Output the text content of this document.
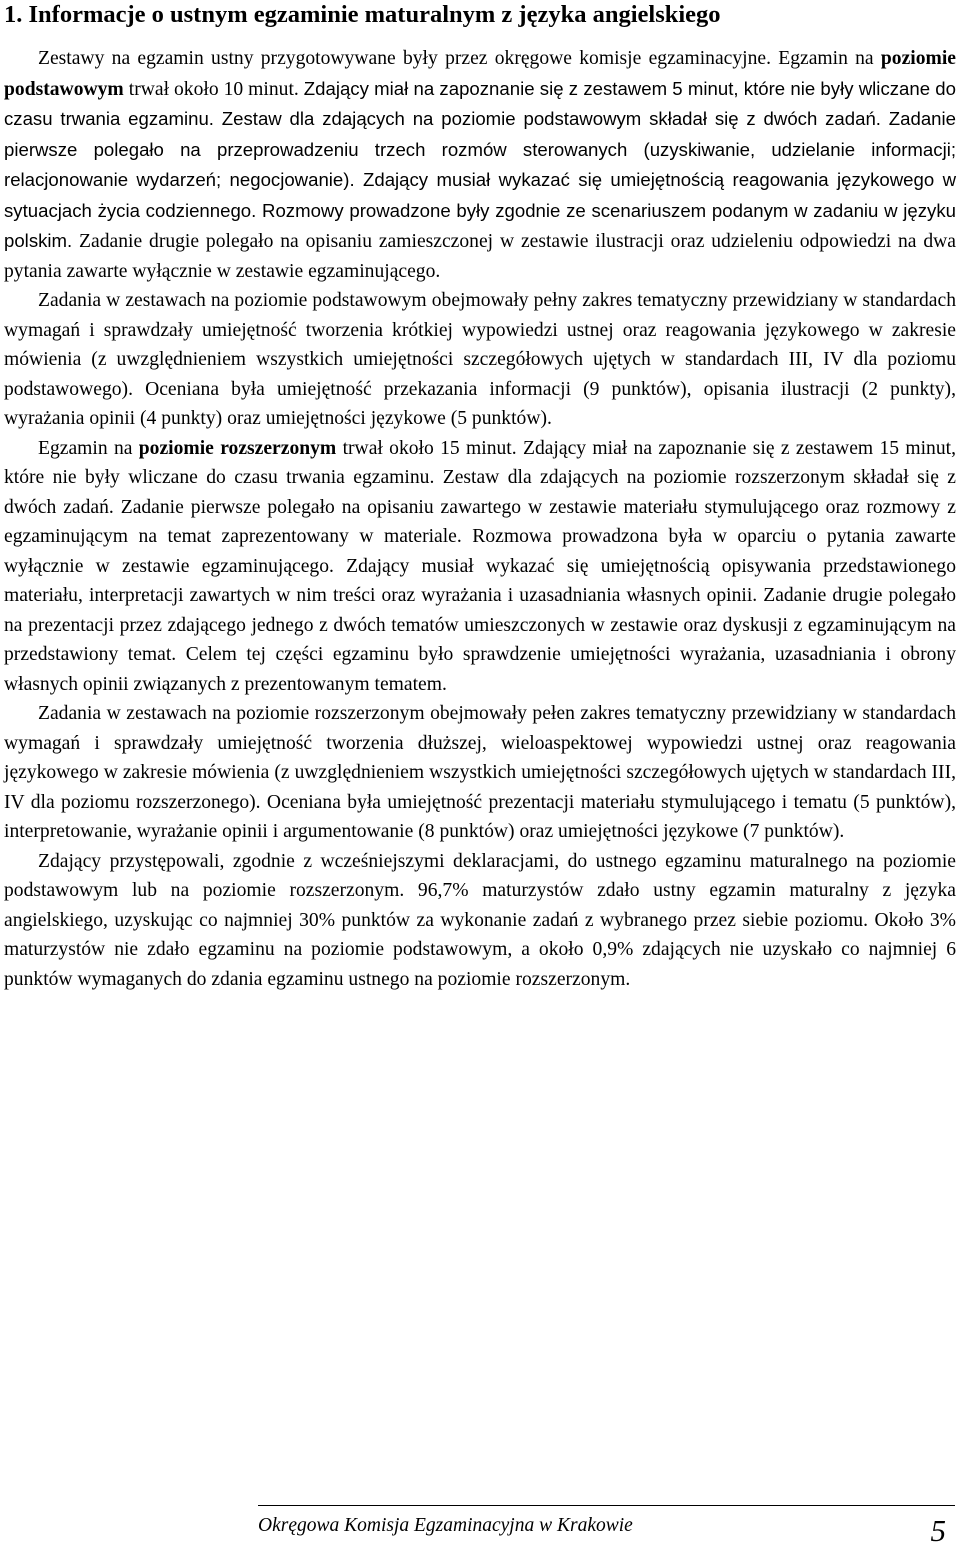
1. Informacje o ustnym egzaminie maturalnym z języka angielskiego

Zestawy na egzamin ustny przygotowywane były przez okręgowe komisje egzaminacyjne. Egzamin na poziomie podstawowym trwał około 10 minut. Zdający miał na zapoznanie się z zestawem 5 minut, które nie były wliczane do czasu trwania egzaminu. Zestaw dla zdających na poziomie podstawowym składał się z dwóch zadań. Zadanie pierwsze polegało na przeprowadzeniu trzech rozmów sterowanych (uzyskiwanie, udzielanie informacji; relacjonowanie wydarzeń; negocjowanie). Zdający musiał wykazać się umiejętnością reagowania językowego w sytuacjach życia codziennego. Rozmowy prowadzone były zgodnie ze scenariuszem podanym w zadaniu w języku polskim. Zadanie drugie polegało na opisaniu zamieszczonej w zestawie ilustracji oraz udzieleniu odpowiedzi na dwa pytania zawarte wyłącznie w zestawie egzaminującego.

Zadania w zestawach na poziomie podstawowym obejmowały pełny zakres tematyczny przewidziany w standardach wymagań i sprawdzały umiejętność tworzenia krótkiej wypowiedzi ustnej oraz reagowania językowego w zakresie mówienia (z uwzględnieniem wszystkich umiejętności szczegółowych ujętych w standardach III, IV dla poziomu podstawowego). Oceniana była umiejętność przekazania informacji (9 punktów), opisania ilustracji (2 punkty), wyrażania opinii (4 punkty) oraz umiejętności językowe (5 punktów).

Egzamin na poziomie rozszerzonym trwał około 15 minut. Zdający miał na zapoznanie się z zestawem 15 minut, które nie były wliczane do czasu trwania egzaminu. Zestaw dla zdających na poziomie rozszerzonym składał się z dwóch zadań. Zadanie pierwsze polegało na opisaniu zawartego w zestawie materiału stymulującego oraz rozmowy z egzaminującym na temat zaprezentowany w materiale. Rozmowa prowadzona była w oparciu o pytania zawarte wyłącznie w zestawie egzaminującego. Zdający musiał wykazać się umiejętnością opisywania przedstawionego materiału, interpretacji zawartych w nim treści oraz wyrażania i uzasadniania własnych opinii. Zadanie drugie polegało na prezentacji przez zdającego jednego z dwóch tematów umieszczonych w zestawie oraz dyskusji z egzaminującym na przedstawiony temat. Celem tej części egzaminu było sprawdzenie umiejętności wyrażania, uzasadniania i obrony własnych opinii związanych z prezentowanym tematem.

Zadania w zestawach na poziomie rozszerzonym obejmowały pełen zakres tematyczny przewidziany w standardach wymagań i sprawdzały umiejętność tworzenia dłuższej, wieloaspektowej wypowiedzi ustnej oraz reagowania językowego w zakresie mówienia (z uwzględnieniem wszystkich umiejętności szczegółowych ujętych w standardach III, IV dla poziomu rozszerzonego). Oceniana była umiejętność prezentacji materiału stymulującego i tematu (5 punktów), interpretowanie, wyrażanie opinii i argumentowanie (8 punktów) oraz umiejętności językowe (7 punktów).

Zdający przystępowali, zgodnie z wcześniejszymi deklaracjami, do ustnego egzaminu maturalnego na poziomie podstawowym lub na poziomie rozszerzonym. 96,7% maturzystów zdało ustny egzamin maturalny z języka angielskiego, uzyskując co najmniej 30% punktów za wykonanie zadań z wybranego przez siebie poziomu. Około 3% maturzystów nie zdało egzaminu na poziomie podstawowym, a około 0,9% zdających nie uzyskało co najmniej 6 punktów wymaganych do zdania egzaminu ustnego na poziomie rozszerzonym.

Okręgowa Komisja Egzaminacyjna w Krakowie	5
